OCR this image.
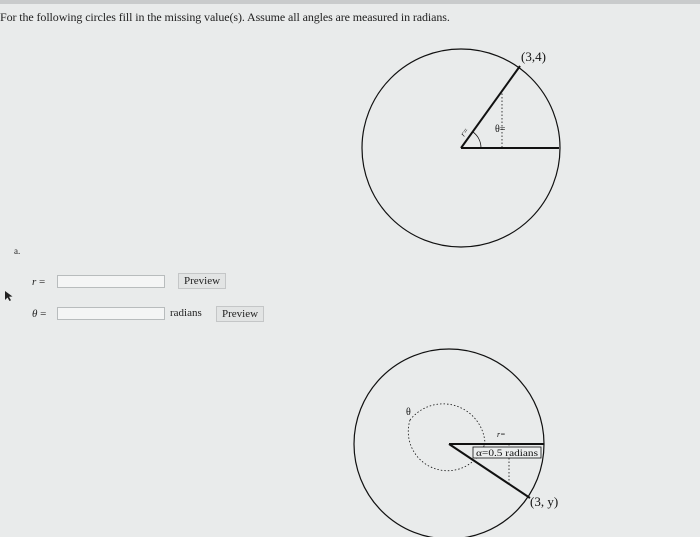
For the following circles fill in the missing value(s). Assume all angles are measured in radians.
(3,4)
r= θ=
a.
r =	Preview
θ =	radians	Preview
θ
r=
α=0.5 radians
(3, y)
